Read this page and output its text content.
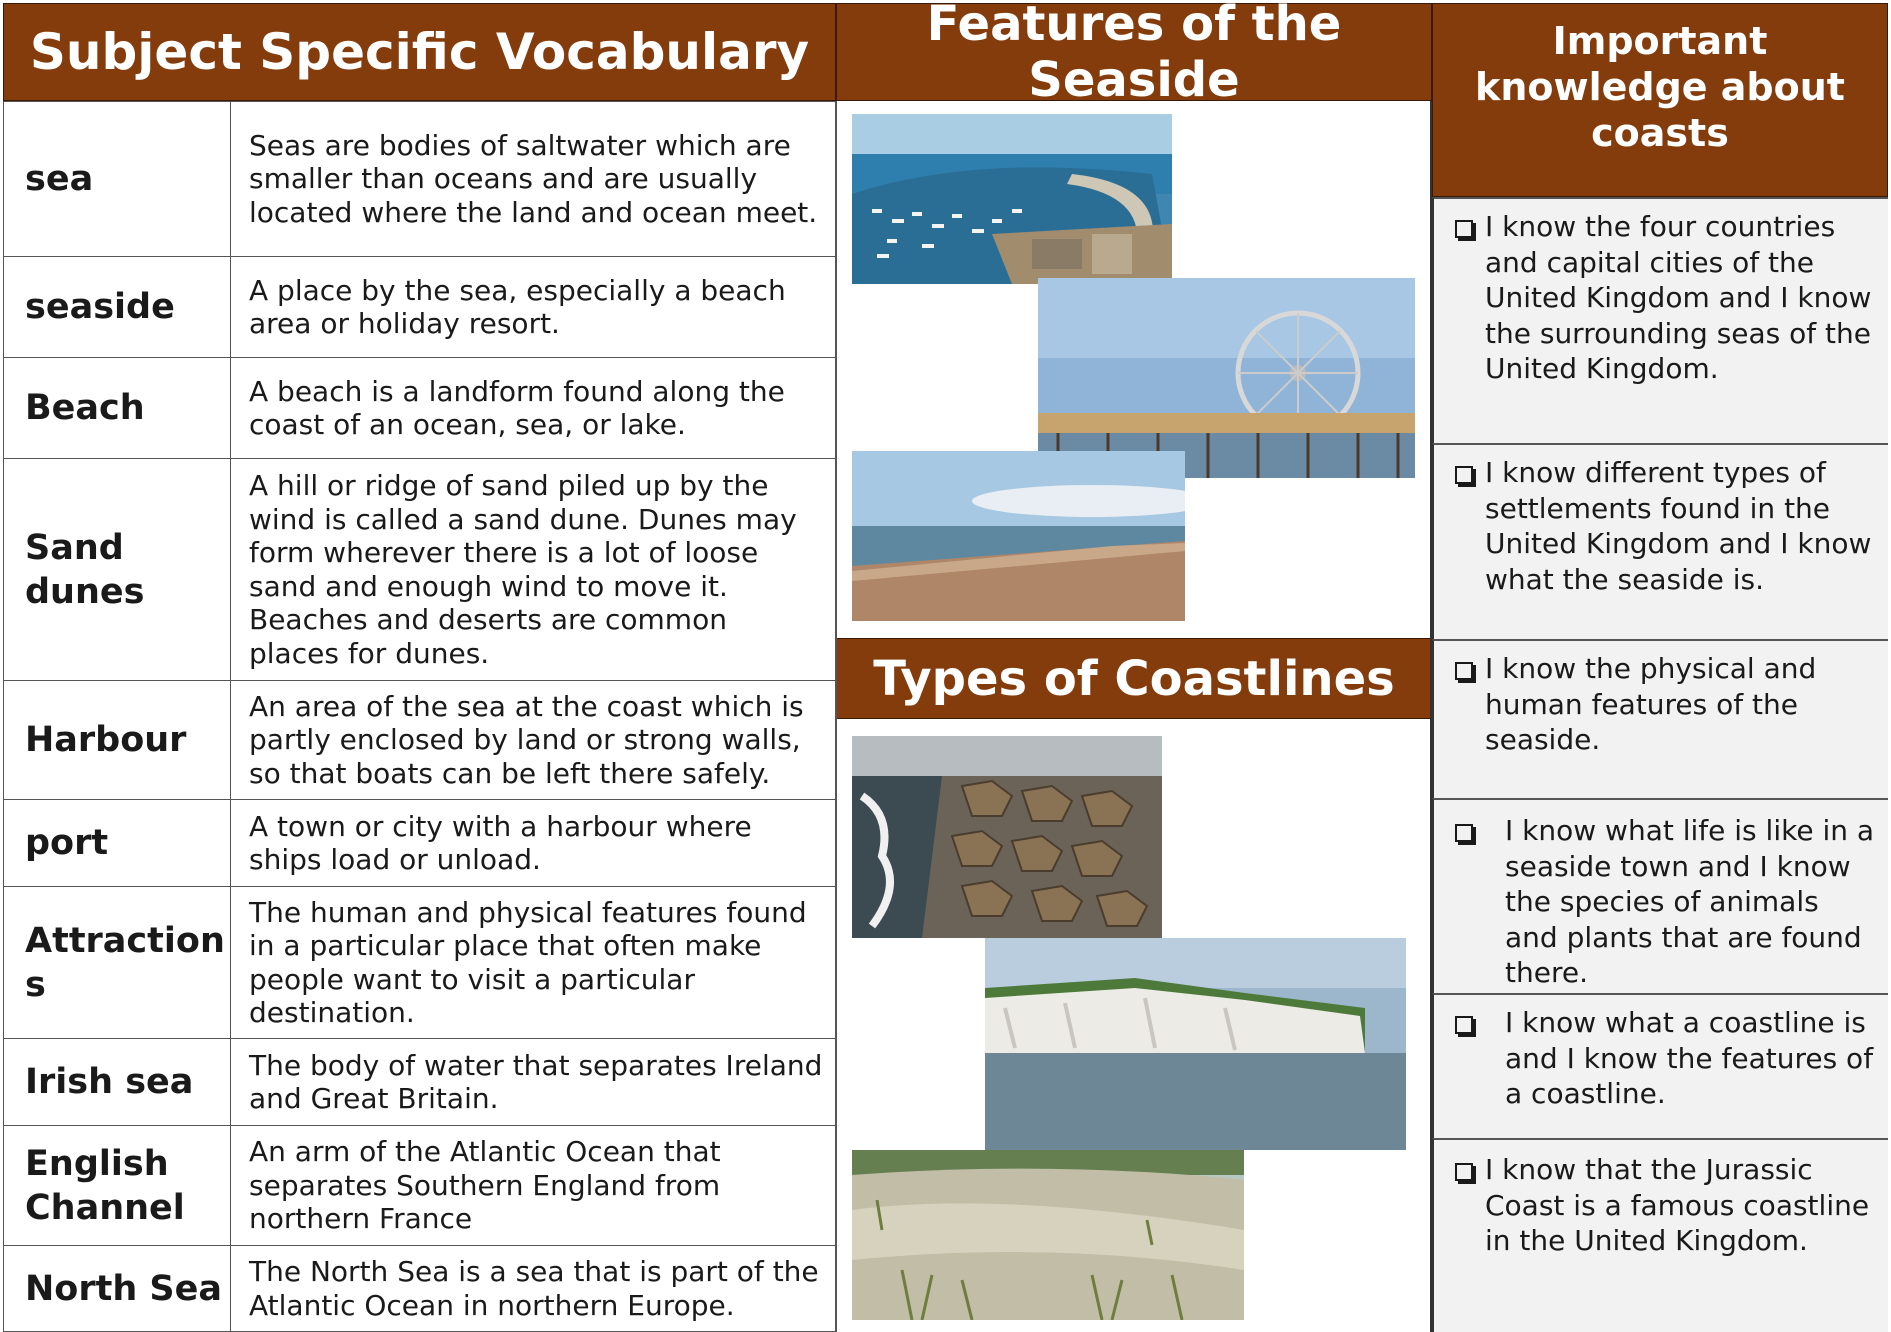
Subject Specific Vocabulary	Features of the Seaside
Important knowledge about coasts
Types of Coastlines
sea	Seas are bodies of saltwater which are smaller than oceans and are usually located where the land and ocean meet.
seaside	A place by the sea, especially a beach area or holiday resort.
Beach	A beach is a landform found along the coast of an ocean, sea, or lake.
Sand dunes	A hill or ridge of sand piled up by the wind is called a sand dune. Dunes may form wherever there is a lot of loose sand and enough wind to move it. Beaches and deserts are common places for dunes.
Harbour	An area of the sea at the coast which is partly enclosed by land or strong walls, so that boats can be left there safely.
port	A town or city with a harbour where ships load or unload.
Attractions	The human and physical features found in a particular place that often make people want to visit a particular destination.
Irish sea	The body of water that separates Ireland and Great Britain.
English Channel	An arm of the Atlantic Ocean that separates Southern England from northern France
North Sea	The North Sea is a sea that is part of the Atlantic Ocean in northern Europe.
I know the four countries and capital cities of the United Kingdom and I know the surrounding seas of the United Kingdom.
I know different types of settlements found in the United Kingdom and I know what the seaside is.
I know the physical and human features of the seaside.
I know what life is like in a seaside town and I know the species of animals and plants that are found there.
I know what a coastline is and I know the features of a coastline.
I know that the Jurassic Coast is a famous coastline in the United Kingdom.
